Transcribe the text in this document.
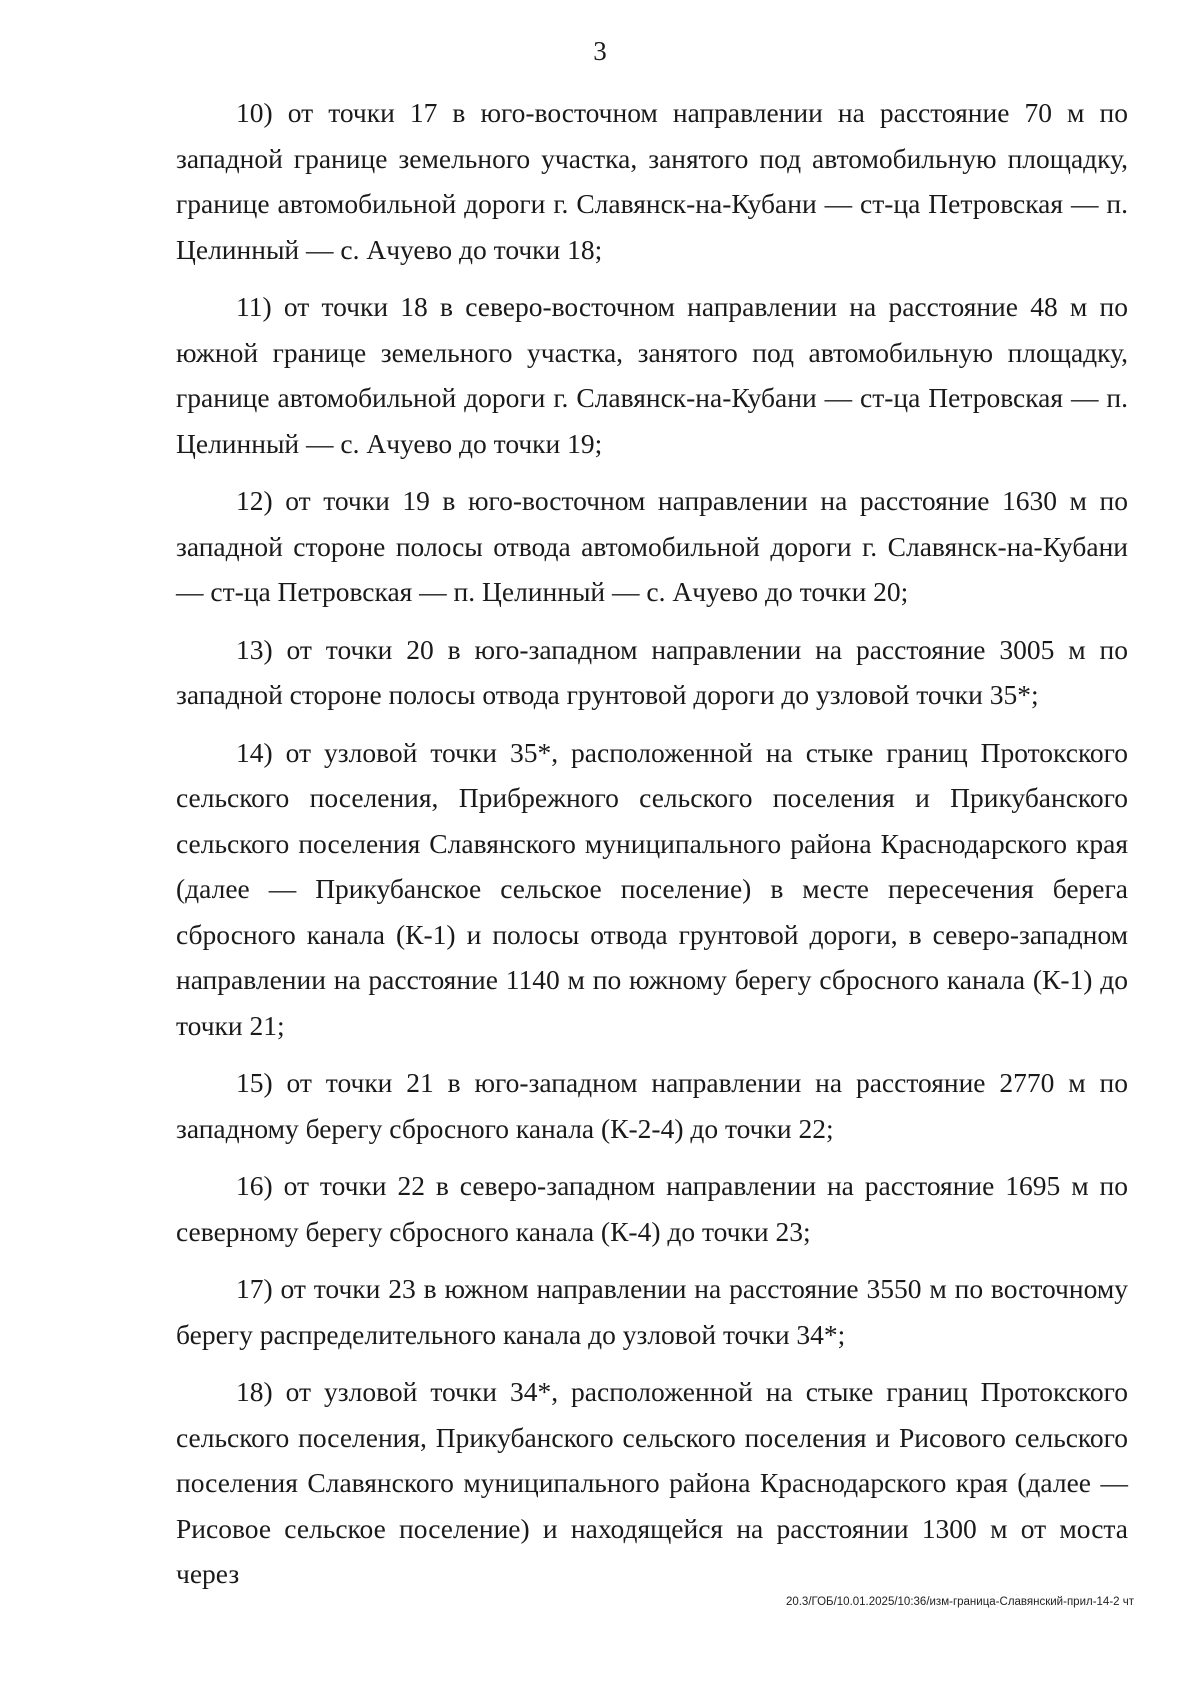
3

10) от точки 17 в юго-восточном направлении на расстояние 70 м по западной границе земельного участка, занятого под автомобильную площадку, границе автомобильной дороги г. Славянск-на-Кубани — ст-ца Петровская — п. Целинный — с. Ачуево до точки 18;

11) от точки 18 в северо-восточном направлении на расстояние 48 м по южной границе земельного участка, занятого под автомобильную площадку, границе автомобильной дороги г. Славянск-на-Кубани — ст-ца Петровская — п. Целинный — с. Ачуево до точки 19;

12) от точки 19 в юго-восточном направлении на расстояние 1630 м по западной стороне полосы отвода автомобильной дороги г. Славянск-на-Кубани — ст-ца Петровская — п. Целинный — с. Ачуево до точки 20;

13) от точки 20 в юго-западном направлении на расстояние 3005 м по западной стороне полосы отвода грунтовой дороги до узловой точки 35*;

14) от узловой точки 35*, расположенной на стыке границ Протокского сельского поселения, Прибрежного сельского поселения и Прикубанского сельского поселения Славянского муниципального района Краснодарского края (далее — Прикубанское сельское поселение) в месте пересечения берега сбросного канала (К-1) и полосы отвода грунтовой дороги, в северо-западном направлении на расстояние 1140 м по южному берегу сбросного канала (К-1) до точки 21;

15) от точки 21 в юго-западном направлении на расстояние 2770 м по западному берегу сбросного канала (К-2-4) до точки 22;

16) от точки 22 в северо-западном направлении на расстояние 1695 м по северному берегу сбросного канала (К-4) до точки 23;

17) от точки 23 в южном направлении на расстояние 3550 м по восточному берегу распределительного канала до узловой точки 34*;

18) от узловой точки 34*, расположенной на стыке границ Протокского сельского поселения, Прикубанского сельского поселения и Рисового сельского поселения Славянского муниципального района Краснодарского края (далее — Рисовое сельское поселение) и находящейся на расстоянии 1300 м от моста через

20.3/ГОБ/10.01.2025/10:36/изм-граница-Славянский-прил-14-2 чт
